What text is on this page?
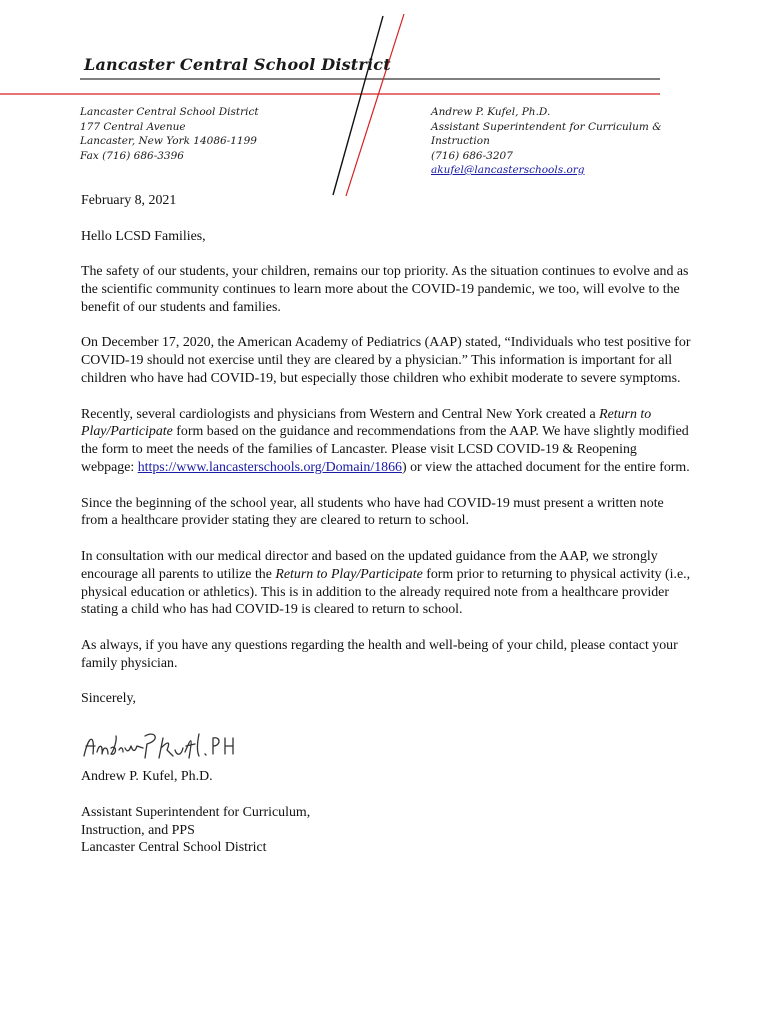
Lancaster Central School District
Lancaster Central School District
177 Central Avenue
Lancaster, New York 14086-1199
Fax (716) 686-3396
Andrew P. Kufel, Ph.D.
Assistant Superintendent for Curriculum &
Instruction
(716) 686-3207
akufel@lancasterschools.org

February 8, 2021

Hello LCSD Families,

The safety of our students, your children, remains our top priority. As the situation continues to evolve and as the scientific community continues to learn more about the COVID-19 pandemic, we too, will evolve to the benefit of our students and families.

On December 17, 2020, the American Academy of Pediatrics (AAP) stated, “Individuals who test positive for COVID-19 should not exercise until they are cleared by a physician.” This information is important for all children who have had COVID-19, but especially those children who exhibit moderate to severe symptoms.

Recently, several cardiologists and physicians from Western and Central New York created a Return to Play/Participate form based on the guidance and recommendations from the AAP. We have slightly modified the form to meet the needs of the families of Lancaster. Please visit LCSD COVID-19 & Reopening webpage: https://www.lancasterschools.org/Domain/1866) or view the attached document for the entire form.

Since the beginning of the school year, all students who have had COVID-19 must present a written note from a healthcare provider stating they are cleared to return to school.

In consultation with our medical director and based on the updated guidance from the AAP, we strongly encourage all parents to utilize the Return to Play/Participate form prior to returning to physical activity (i.e., physical education or athletics). This is in addition to the already required note from a healthcare provider stating a child who has had COVID-19 is cleared to return to school.

As always, if you have any questions regarding the health and well-being of your child, please contact your family physician.

Sincerely,

Andrew P. Kufel, Ph.D.

Assistant Superintendent for Curriculum,

Instruction, and PPS

Lancaster Central School District
